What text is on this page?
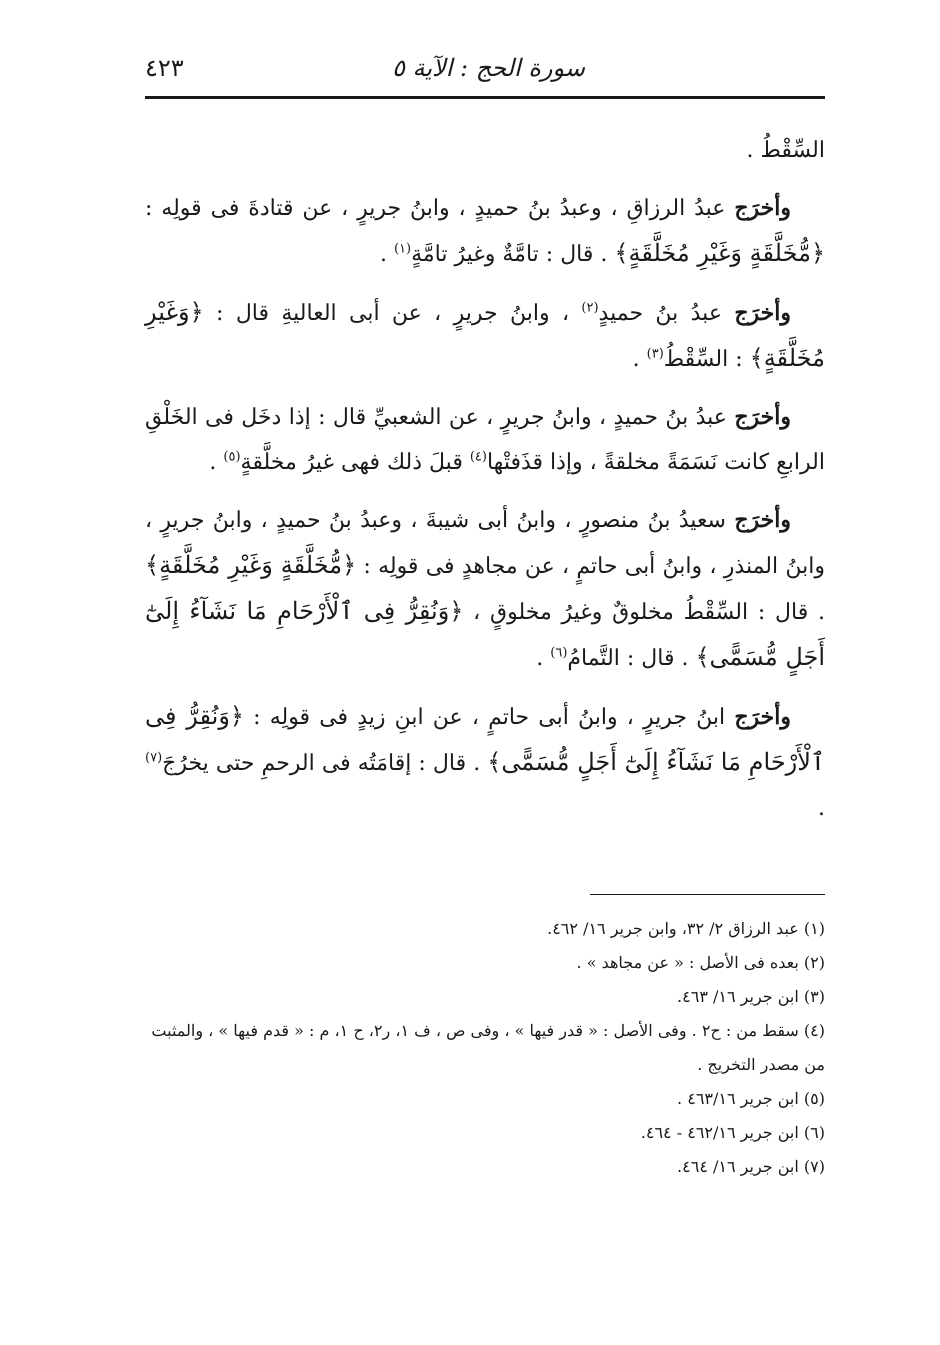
سورة الحج : الآية ٥
٤٢٣

السِّقْطُ .

وأخرَج عبدُ الرزاقِ ، وعبدُ بنُ حميدٍ ، وابنُ جريرٍ ، عن قتادةَ فى قولِه : ﴿مُّخَلَّقَةٍ وَغَيْرِ مُخَلَّقَةٍ﴾ . قال : تامَّةٌ وغيرُ تامَّةٍ$^{(١)}$ .

وأخرَج عبدُ بنُ حميدٍ$^{(٢)}$ ، وابنُ جريرٍ ، عن أبى العاليةِ قال : ﴿وَغَيْرِ مُخَلَّقَةٍ﴾ : السِّقْطُ$^{(٣)}$ .

وأخرَج عبدُ بنُ حميدٍ ، وابنُ جريرٍ ، عن الشعبيِّ قال : إذا دخَل فى الخَلْقِ الرابعِ كانت نَسَمَةً مخلقةً ، وإذا قذَفتْها$^{(٤)}$ قبلَ ذلك فهى غيرُ مخلَّقةٍ$^{(٥)}$ .

وأخرَج سعيدُ بنُ منصورٍ ، وابنُ أبى شيبةَ ، وعبدُ بنُ حميدٍ ، وابنُ جريرٍ ، وابنُ المنذرِ ، وابنُ أبى حاتمٍ ، عن مجاهدٍ فى قولِه : ﴿مُّخَلَّقَةٍ وَغَيْرِ مُخَلَّقَةٍ﴾ . قال : السِّقْطُ مخلوقٌ وغيرُ مخلوقٍ ، ﴿وَنُقِرُّ فِى ٱلْأَرْحَامِ مَا نَشَآءُ إِلَىٰٓ أَجَلٍ مُّسَمًّى﴾ . قال : التَّمامُ$^{(٦)}$ .

وأخرَج ابنُ جريرٍ ، وابنُ أبى حاتمٍ ، عن ابنِ زيدٍ فى قولِه : ﴿وَنُقِرُّ فِى ٱلْأَرْحَامِ مَا نَشَآءُ إِلَىٰٓ أَجَلٍ مُّسَمًّى﴾ . قال : إقامَتُه فى الرحمِ حتى يخرُجَ$^{(٧)}$ .

(١) عبد الرزاق ٢/ ٣٢، وابن جرير ١٦/ ٤٦٢.

(٢) بعده فى الأصل : « عن مجاهد » .

(٣) ابن جرير ١٦/ ٤٦٣.

(٤) سقط من : ح٢ . وفى الأصل : « قدر فيها » ، وفى ص ، ف ١، ر٢، ح ١، م : « قدم فيها » ، والمثبت من مصدر التخريج .

(٥) ابن جرير ٤٦٣/١٦ .

(٦) ابن جرير ٤٦٢/١٦ - ٤٦٤.

(٧) ابن جرير ١٦/ ٤٦٤.
